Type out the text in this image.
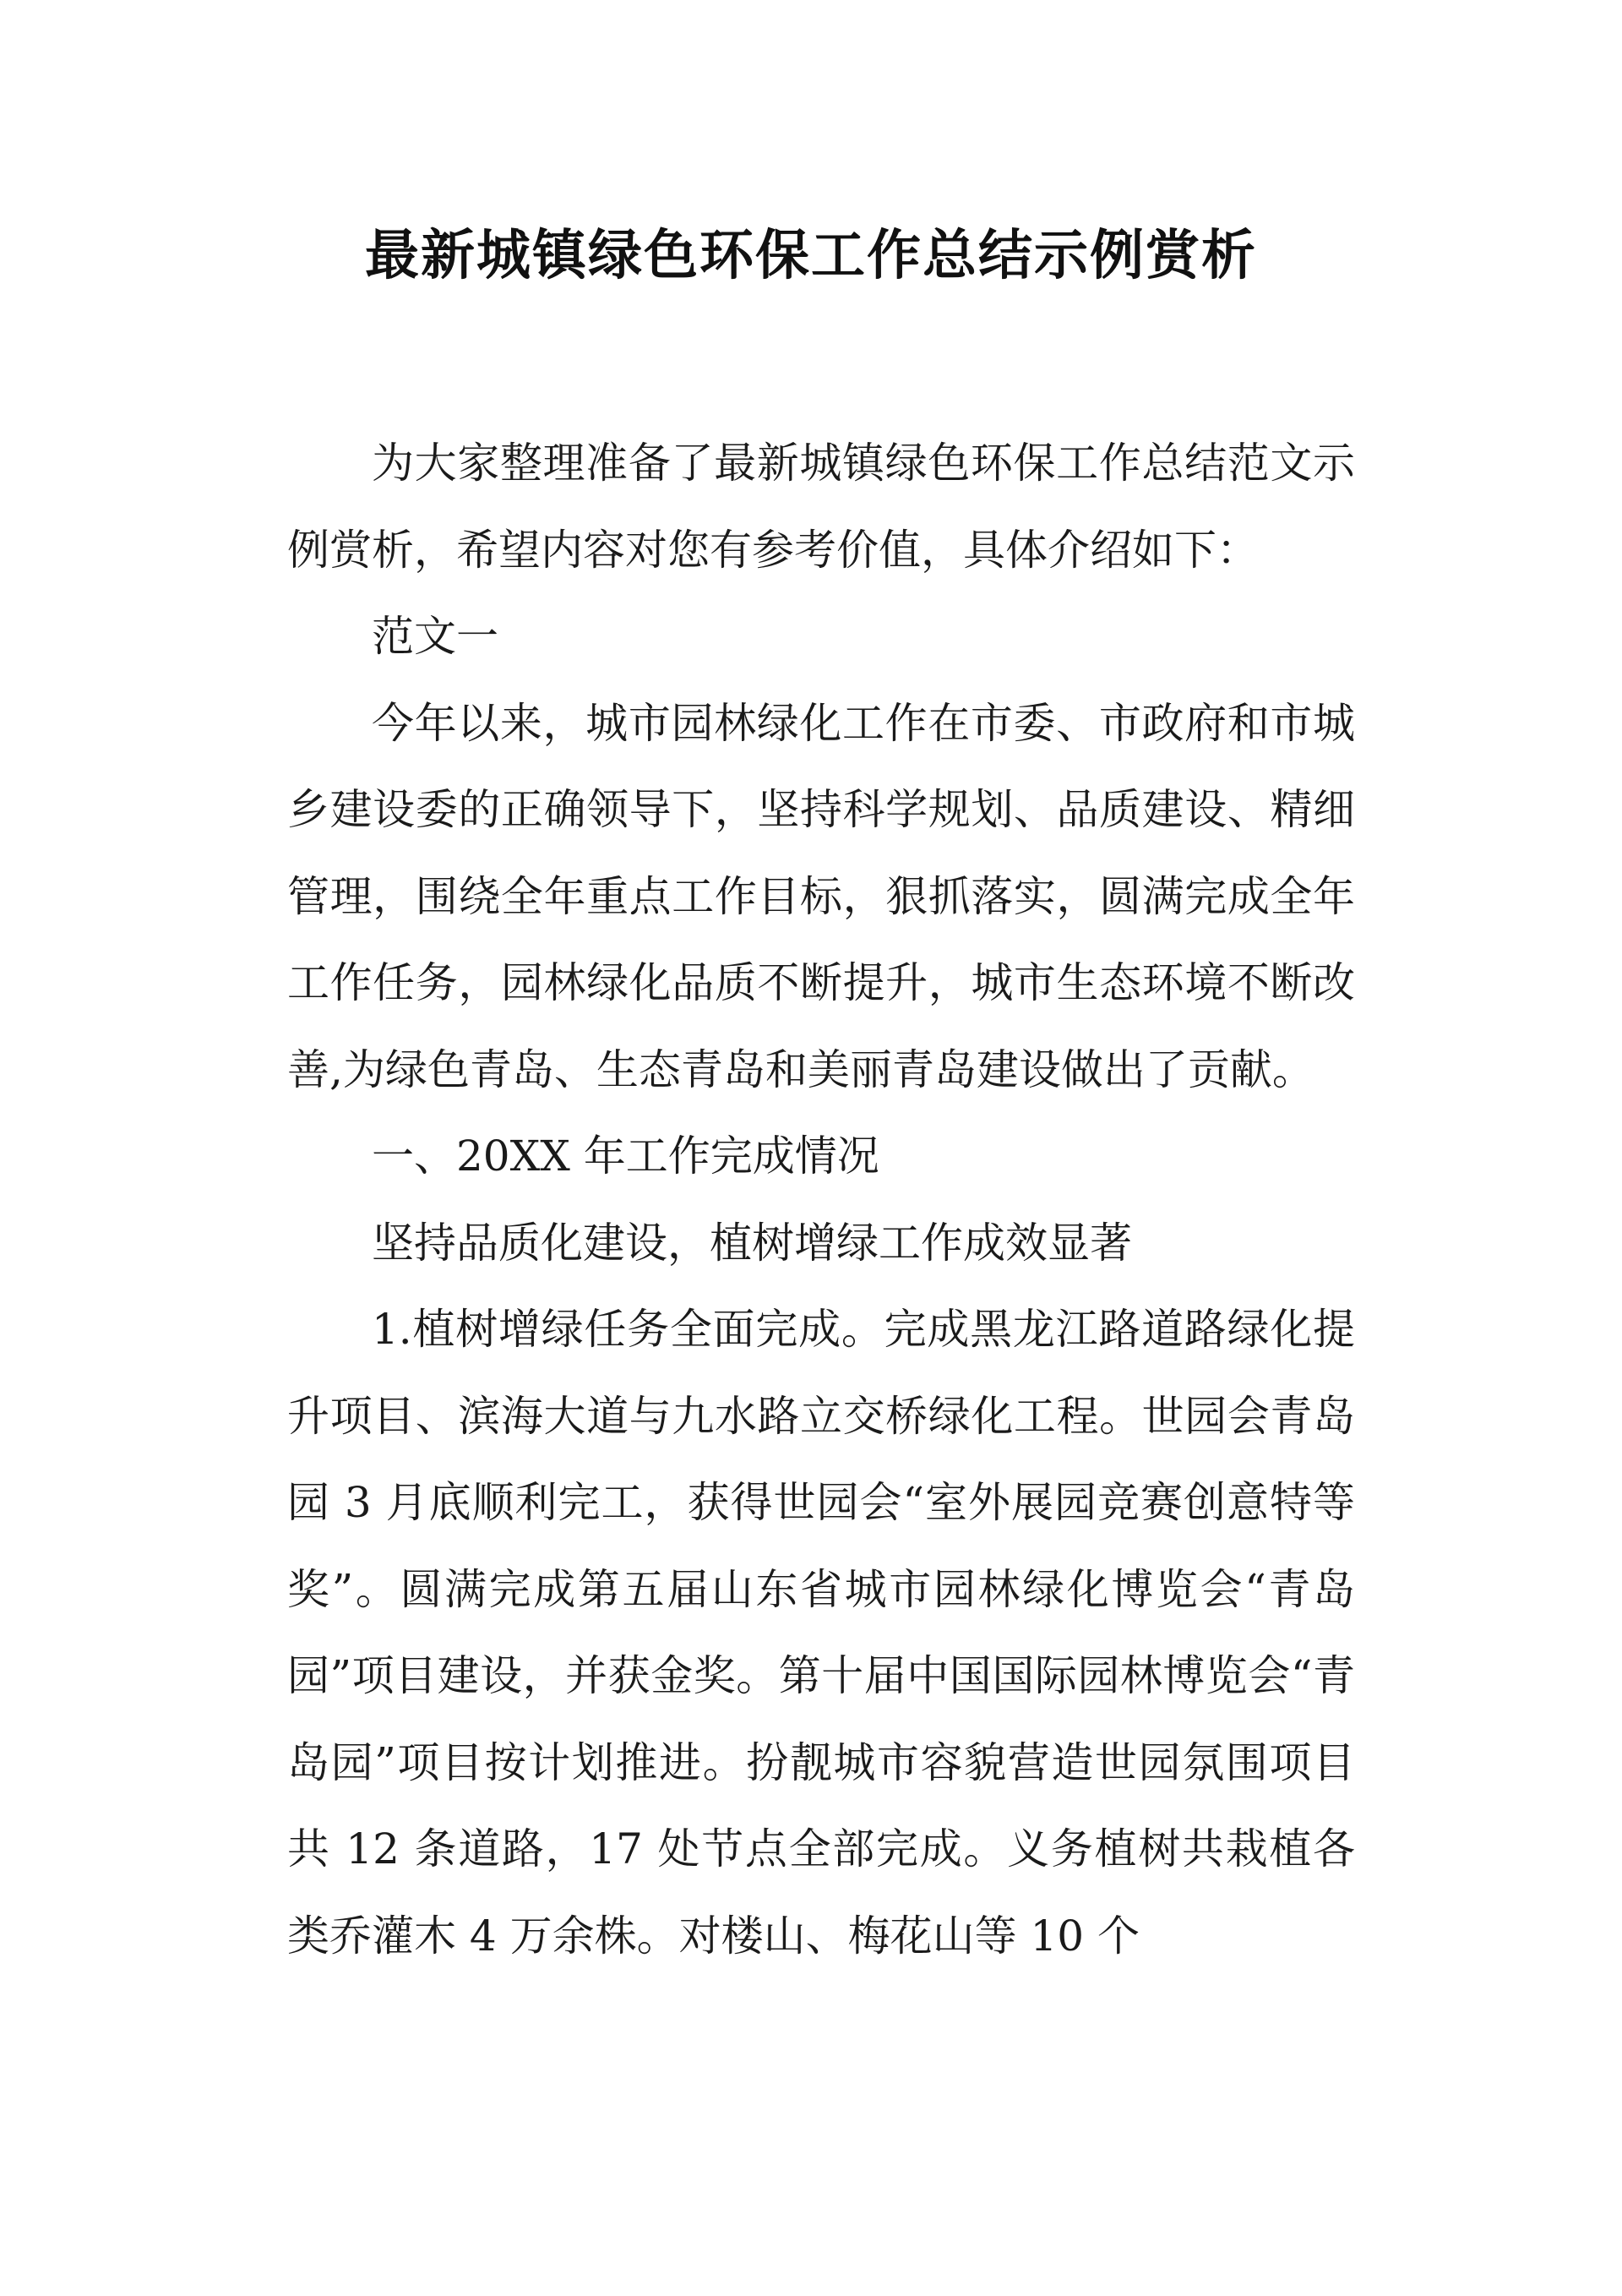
最新城镇绿色环保工作总结示例赏析

为大家整理准备了最新城镇绿色环保工作总结范文示例赏析，希望内容对您有参考价值，具体介绍如下：

范文一

今年以来，城市园林绿化工作在市委、市政府和市城乡建设委的正确领导下，坚持科学规划、品质建设、精细管理，围绕全年重点工作目标，狠抓落实，圆满完成全年工作任务，园林绿化品质不断提升，城市生态环境不断改善,为绿色青岛、生态青岛和美丽青岛建设做出了贡献。

一、20XX 年工作完成情况

坚持品质化建设，植树增绿工作成效显著

1.植树增绿任务全面完成。完成黑龙江路道路绿化提升项目、滨海大道与九水路立交桥绿化工程。世园会青岛园 3 月底顺利完工，获得世园会“室外展园竞赛创意特等奖”。圆满完成第五届山东省城市园林绿化博览会“青岛园”项目建设，并获金奖。第十届中国国际园林博览会“青岛园”项目按计划推进。扮靓城市容貌营造世园氛围项目共 12 条道路，17 处节点全部完成。义务植树共栽植各类乔灌木 4 万余株。对楼山、梅花山等 10 个
